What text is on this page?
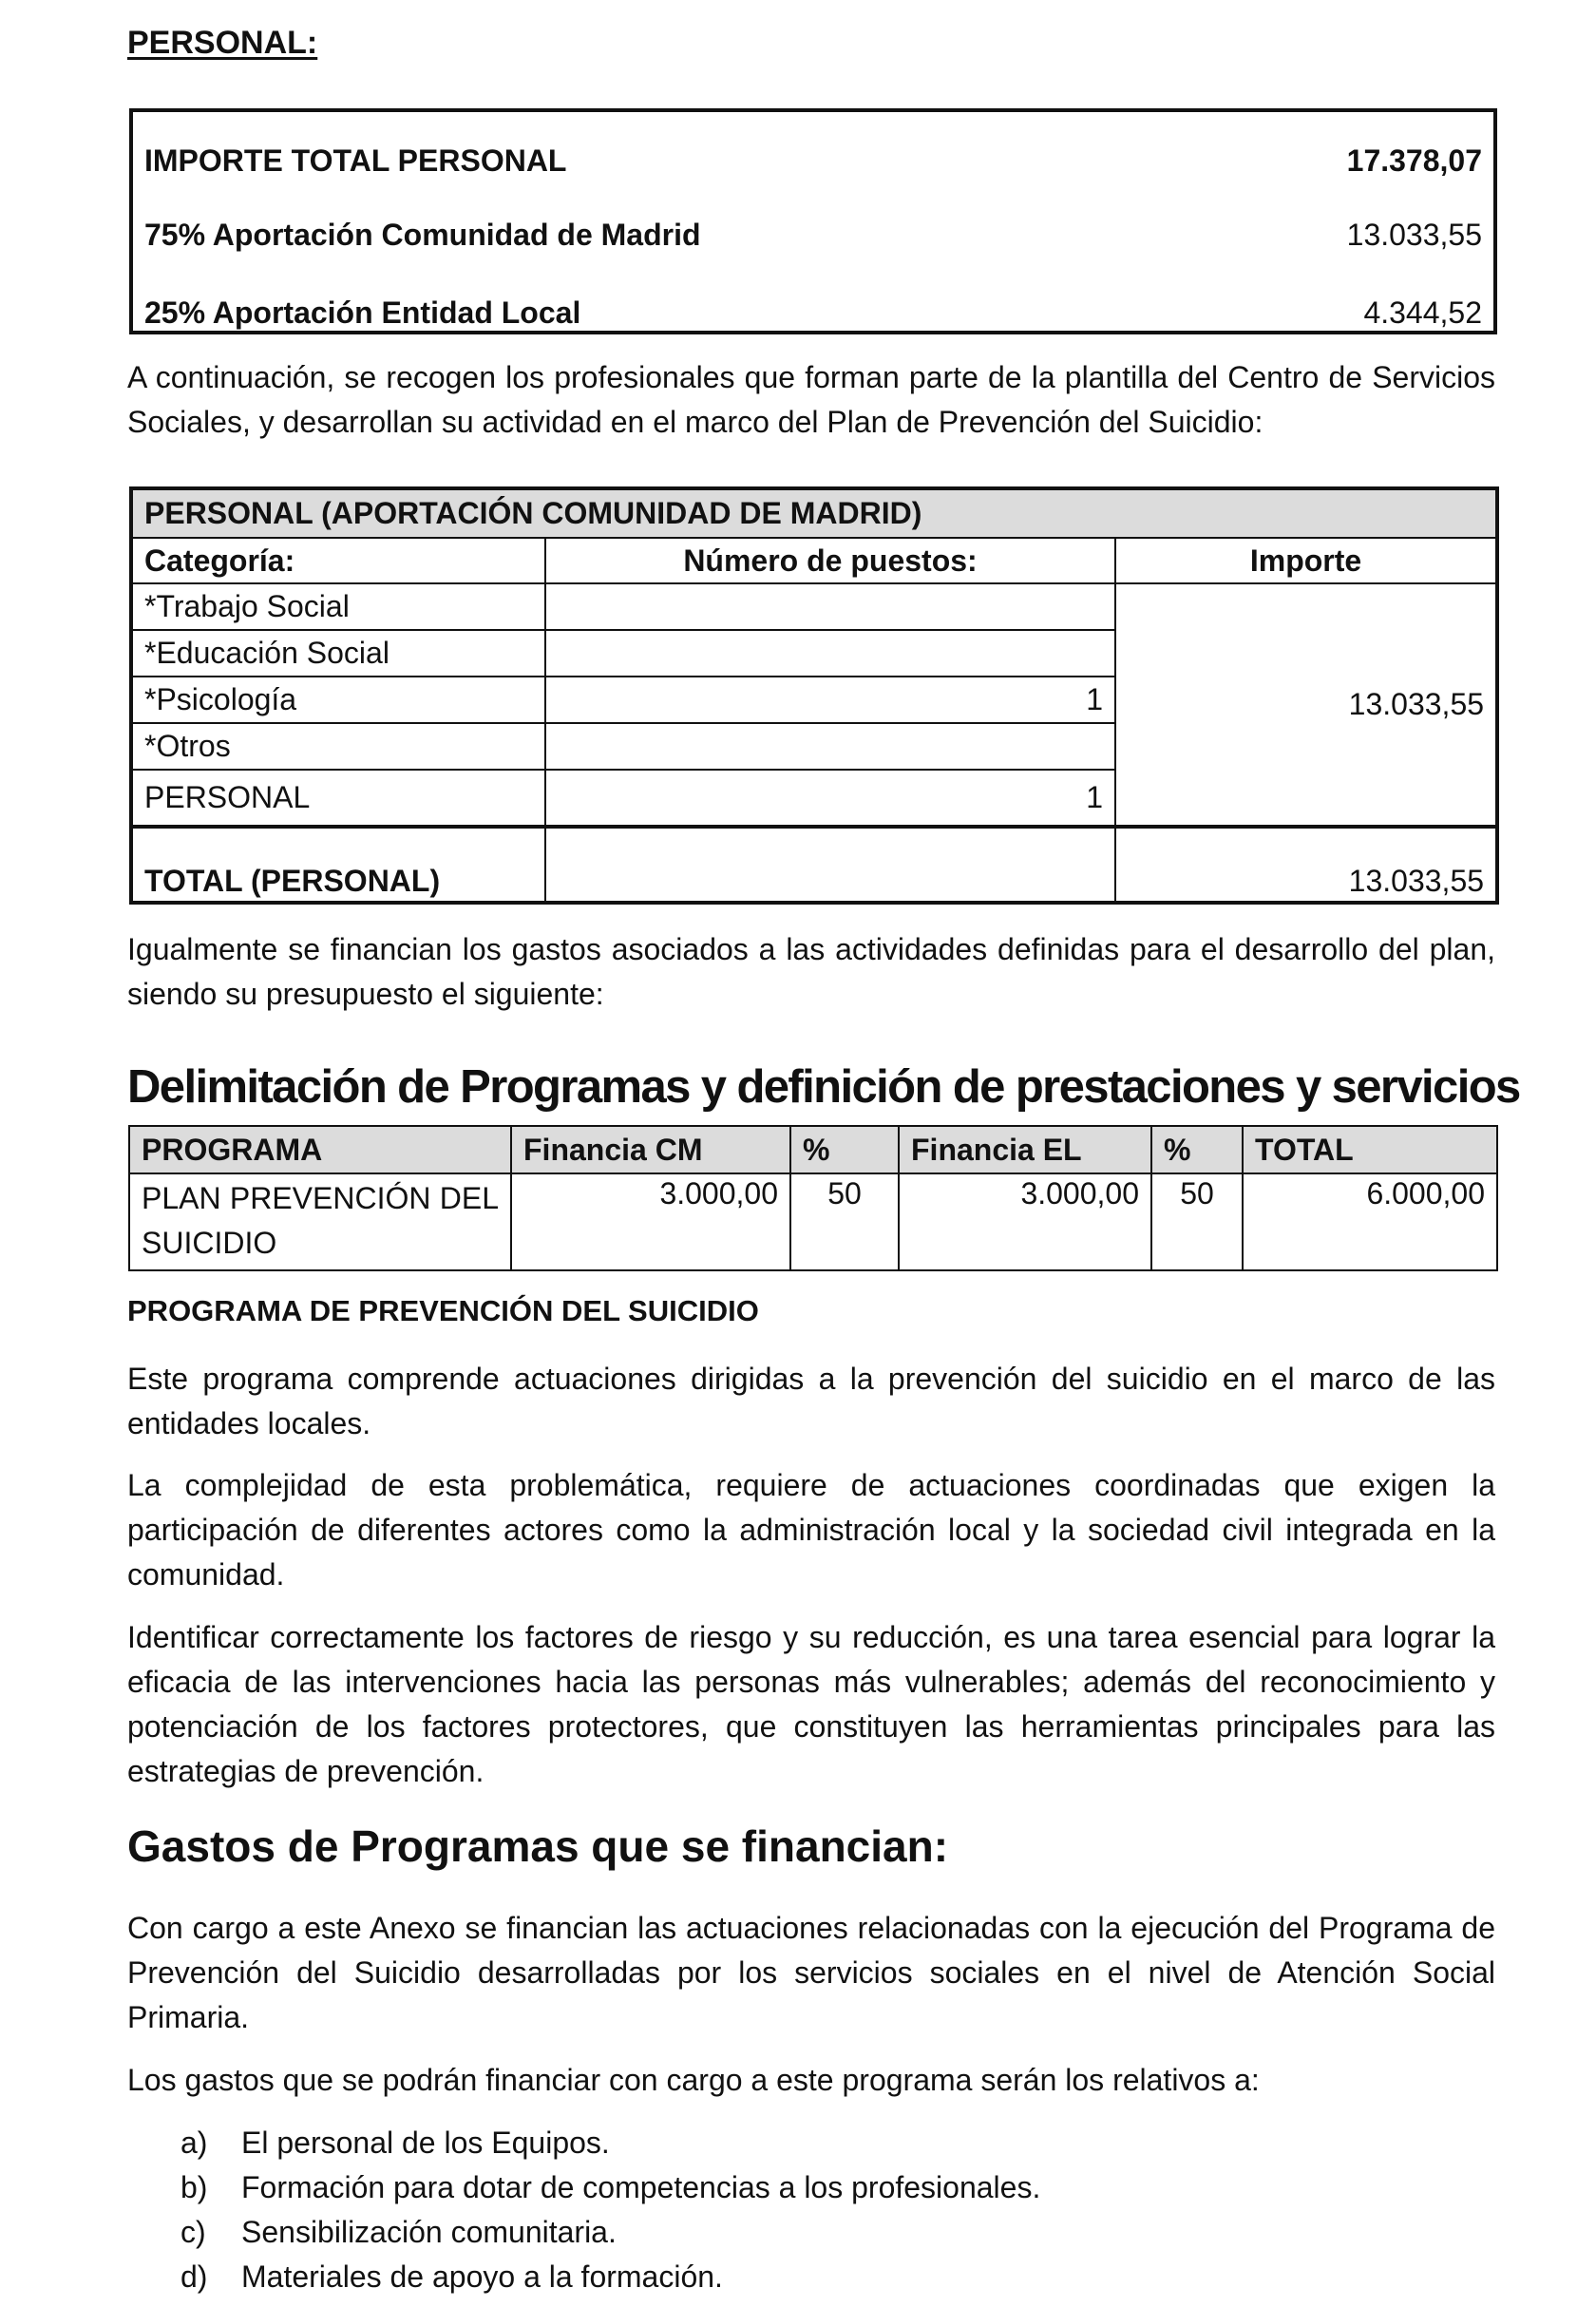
PERSONAL:
IMPORTE TOTAL PERSONAL	17.378,07
75% Aportación Comunidad de Madrid	13.033,55
25% Aportación Entidad Local	4.344,52

A continuación, se recogen los profesionales que forman parte de la plantilla del Centro de Servicios Sociales, y desarrollan su actividad en el marco del Plan de Prevención del Suicidio:

PERSONAL (APORTACIÓN COMUNIDAD DE MADRID)		
Categoría:	Número de puestos:	Importe
*Trabajo Social		13.033,55
*Educación Social		
*Psicología	1	
*Otros		
PERSONAL	1	
TOTAL (PERSONAL)		13.033,55

Igualmente se financian los gastos asociados a las actividades definidas para el desarrollo del plan, siendo su presupuesto el siguiente:

Delimitación de Programas y definición de prestaciones y servicios
PROGRAMA	Financia CM	%	Financia EL	%	TOTAL
PLAN PREVENCIÓN DEL SUICIDIO	3.000,00	50	3.000,00	50	6.000,00
PROGRAMA DE PREVENCIÓN DEL SUICIDIO

Este programa comprende actuaciones dirigidas a la prevención del suicidio en el marco de las entidades locales.

La complejidad de esta problemática, requiere de actuaciones coordinadas que exigen la participación de diferentes actores como la administración local y la sociedad civil integrada en la comunidad.

Identificar correctamente los factores de riesgo y su reducción, es una tarea esencial para lograr la eficacia de las intervenciones hacia las personas más vulnerables; además del reconocimiento y potenciación de los factores protectores, que constituyen las herramientas principales para las estrategias de prevención.

Gastos de Programas que se financian:

Con cargo a este Anexo se financian las actuaciones relacionadas con la ejecución del Programa de Prevención del Suicidio desarrolladas por los servicios sociales en el nivel de Atención Social Primaria.

Los gastos que se podrán financiar con cargo a este programa serán los relativos a:

a) El personal de los Equipos.
b) Formación para dotar de competencias a los profesionales.
c) Sensibilización comunitaria.
d) Materiales de apoyo a la formación.
